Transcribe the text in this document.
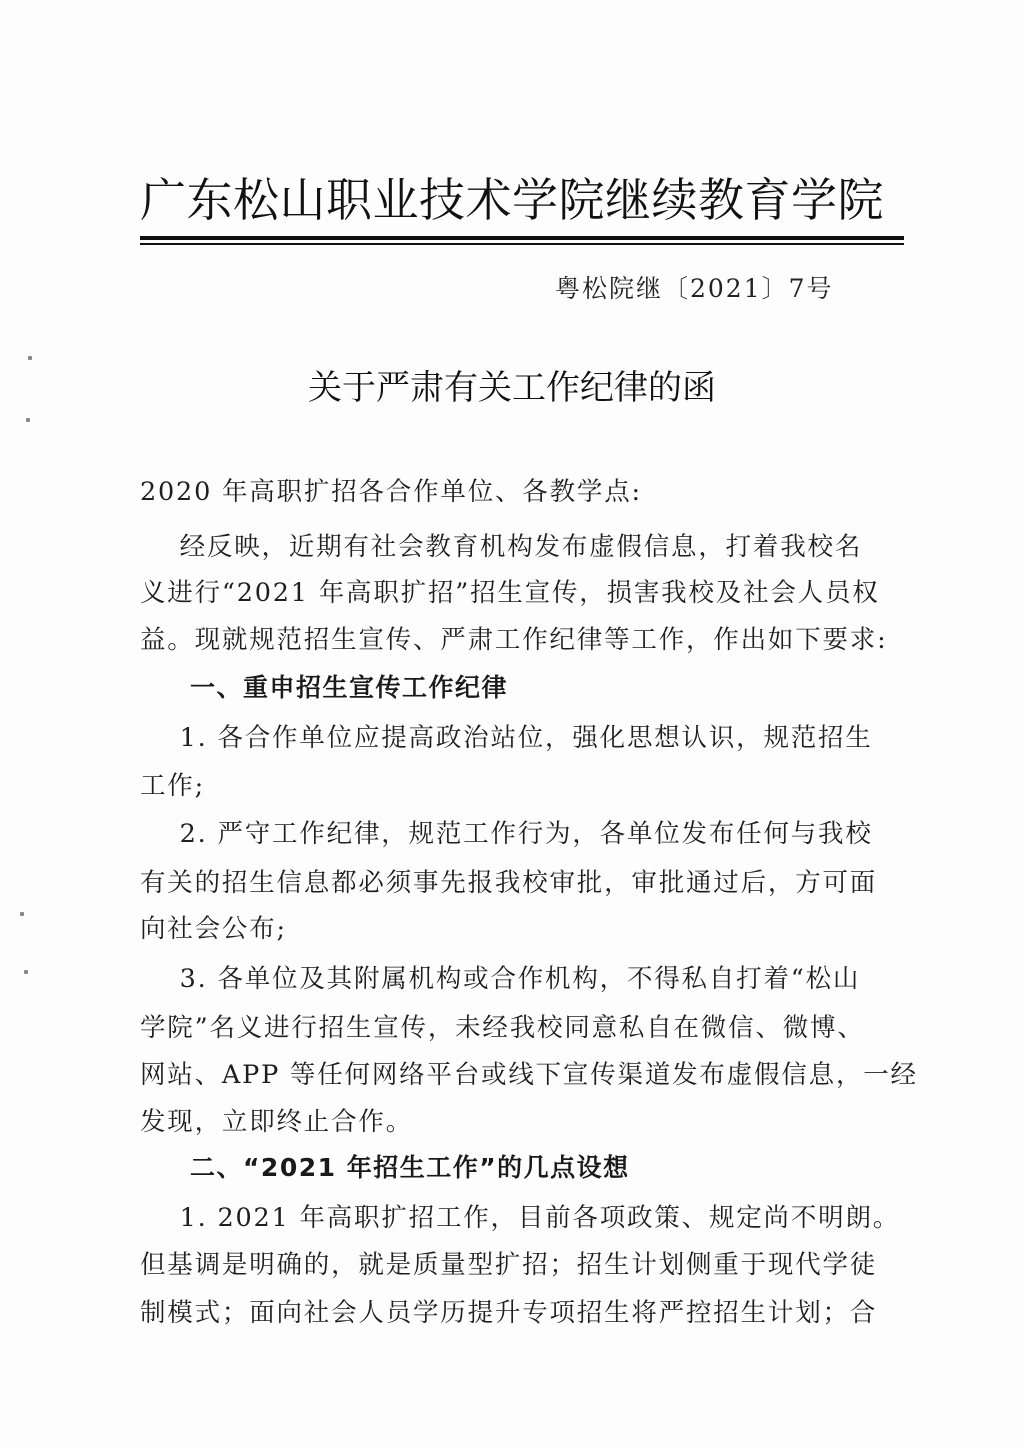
广东松山职业技术学院继续教育学院
粤松院继〔2021〕7号
关于严肃有关工作纪律的函
2020 年高职扩招各合作单位、各教学点:
经反映，近期有社会教育机构发布虚假信息，打着我校名
义进行“2021 年高职扩招”招生宣传，损害我校及社会人员权
益。现就规范招生宣传、严肃工作纪律等工作，作出如下要求:
一、重申招生宣传工作纪律
1. 各合作单位应提高政治站位，强化思想认识，规范招生
工作;
2. 严守工作纪律，规范工作行为，各单位发布任何与我校
有关的招生信息都必须事先报我校审批，审批通过后，方可面
向社会公布;
3. 各单位及其附属机构或合作机构，不得私自打着“松山
学院”名义进行招生宣传，未经我校同意私自在微信、微博、
网站、APP 等任何网络平台或线下宣传渠道发布虚假信息，一经
发现，立即终止合作。
二、“2021 年招生工作”的几点设想
1. 2021 年高职扩招工作，目前各项政策、规定尚不明朗。
但基调是明确的，就是质量型扩招；招生计划侧重于现代学徒
制模式；面向社会人员学历提升专项招生将严控招生计划；合
